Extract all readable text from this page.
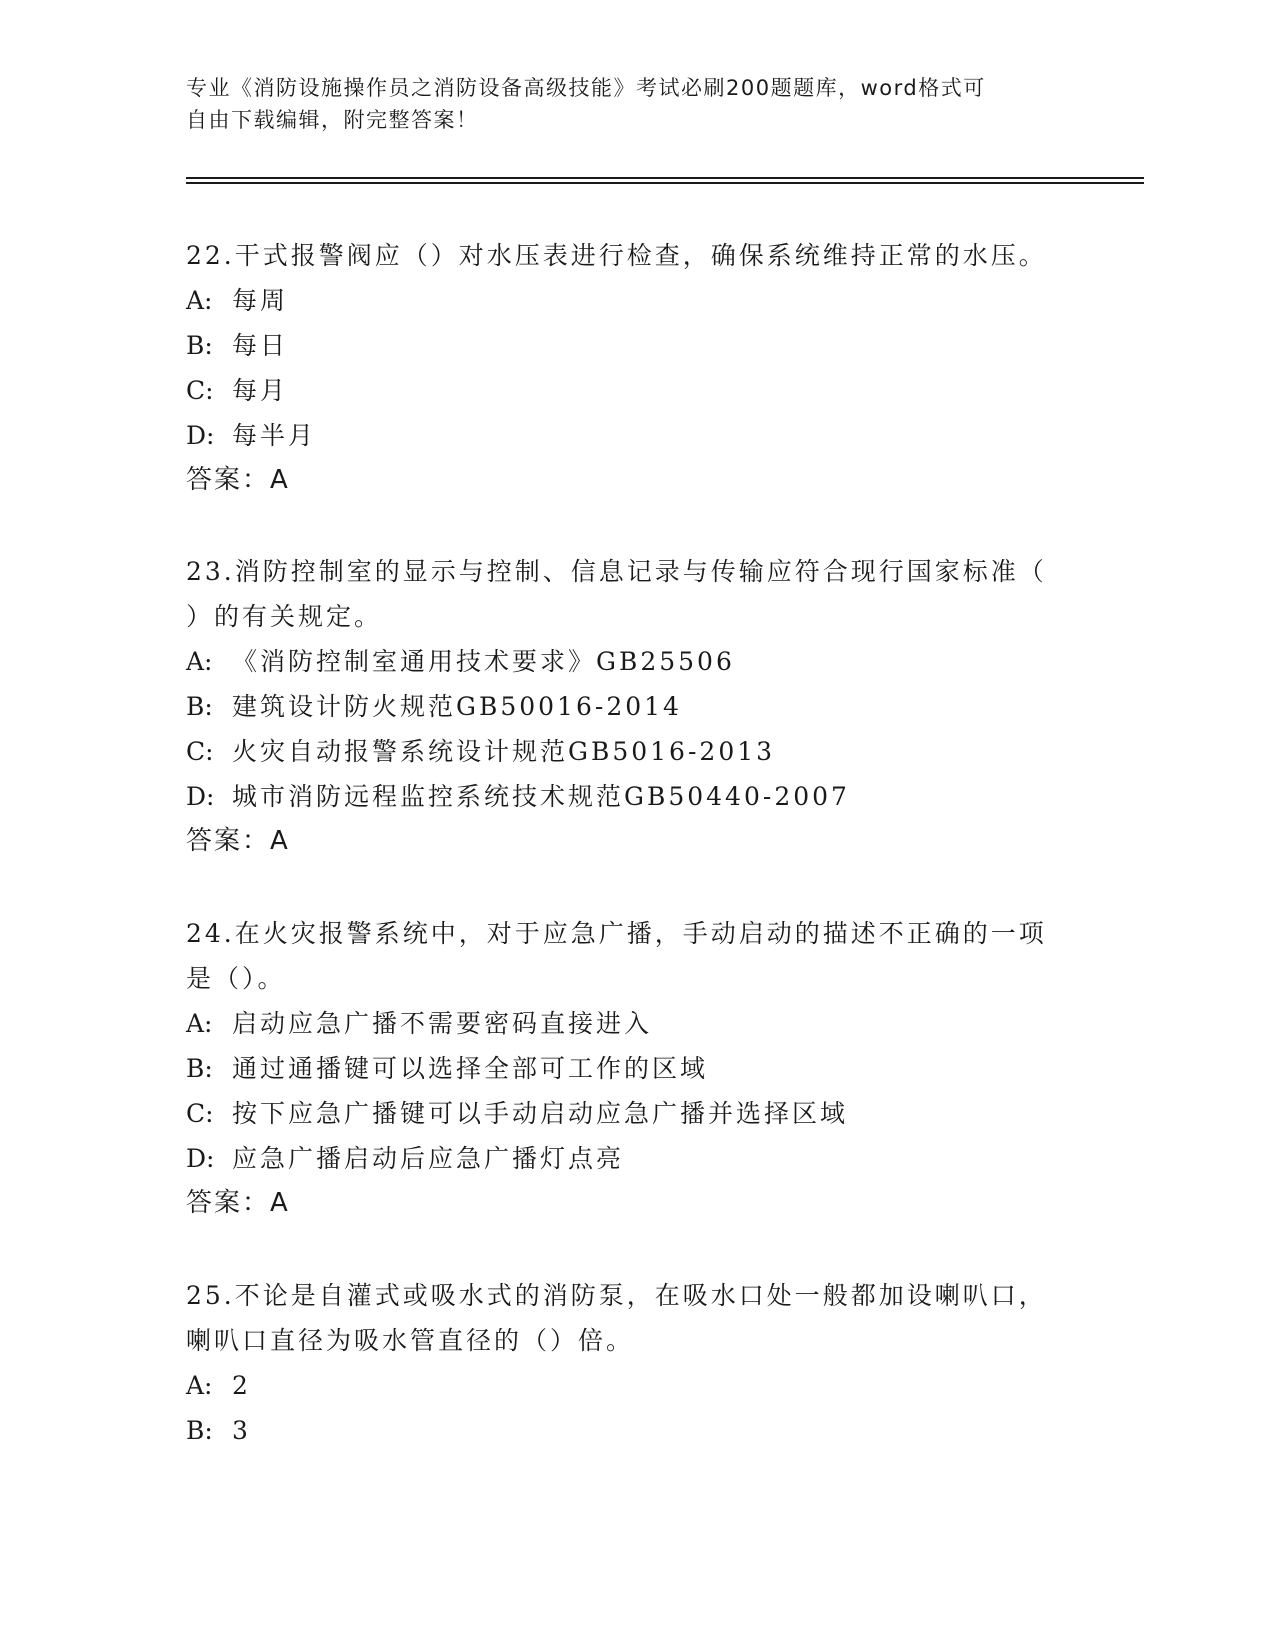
专业《消防设施操作员之消防设备高级技能》考试必刷200题题库，word格式可
自由下载编辑，附完整答案！
22.干式报警阀应（）对水压表进行检查，确保系统维持正常的水压。
A: 每周
B: 每日
C: 每月
D: 每半月
答案：A
23.消防控制室的显示与控制、信息记录与传输应符合现行国家标准（
）的有关规定。
A: 《消防控制室通用技术要求》GB25506
B: 建筑设计防火规范GB50016-2014
C: 火灾自动报警系统设计规范GB5016-2013
D: 城市消防远程监控系统技术规范GB50440-2007
答案：A
24.在火灾报警系统中，对于应急广播，手动启动的描述不正确的一项
是（）。
A: 启动应急广播不需要密码直接进入
B: 通过通播键可以选择全部可工作的区域
C: 按下应急广播键可以手动启动应急广播并选择区域
D: 应急广播启动后应急广播灯点亮
答案：A
25.不论是自灌式或吸水式的消防泵，在吸水口处一般都加设喇叭口，
喇叭口直径为吸水管直径的（）倍。
A: 2
B: 3
